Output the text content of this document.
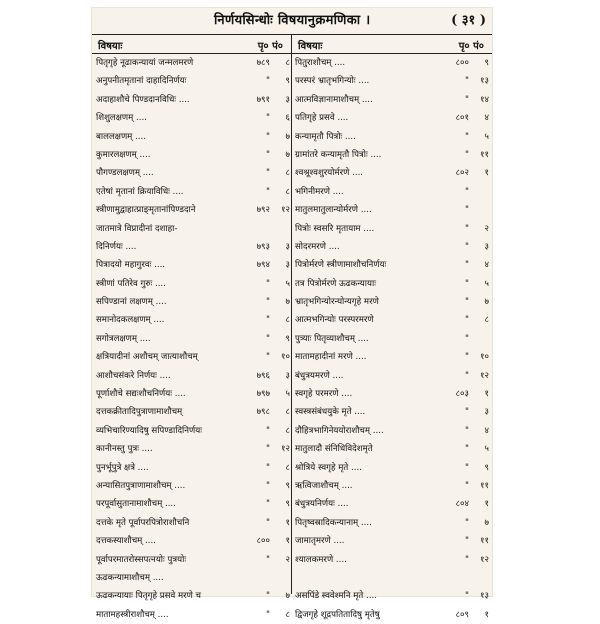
निर्णयसिन्धोः विषयानुक्रमणिका ।	( ३१ )
विषयाः	पृ० पं० विषयाः	पृ० पं०
पितृगृहे नूढाकन्यायां जन्मलमरणे	७८९ ८
अनुपनीतमृतानां दाहादिनिर्णयः	" ९
अदाहाशौचे पिण्डदानविधिः ....	७९१ ३
शिशुलक्षणम् ....	" ६
बाललक्षणम् ....	" ७
कुमारलक्षणम् ....	" ७
पौगण्डलक्षणम् ....	" ८
एतेषां मृतानां क्रियाविधिः ....	" ८
स्त्रीणामुद्वाहात्प्राङ्मृतानांपिण्डदाने	७९२ १२
जातमात्रे विप्रादीनां दशाहा-
दिनिर्णयः ....	७९३ ३
पित्रादयो महागुरवः ....	७९४ ३
स्त्रीणां पतिरेव गुरुः ....	" ५
सपिण्डानां लक्षणम् ....	" ७
समानोदकलक्षणम् ....	" ८
सगोत्रलक्षणम् ....	" ९
क्षत्रियादीनां अशौचम् जात्याशौचम्	" १०
आशौचसंकरे निर्णयः ....	७९६ ३
पूर्णाशौचे सद्यःशौचनिर्णयः ....	७९७ ५
दत्तकक्रीतादिपुत्राणामाशौचम्	७९८ ८
व्यभिचारिण्यादिषु सपिण्डादिनिर्णयः	" ८
कानीनस्तु पुत्रः ....	" १२
पुनर्भूपुत्रे क्षत्रे ....	" ८
अन्यासितपुत्राणामाशौचम् ....	" ९
परपूर्वासुतानामाशौचम् ....	" ९
दत्तके मृते पूर्वापरपित्रोराशौचनि	" १
दत्तकस्याशौचम् ....	८०० १
पूर्वापरमातरोस्सपत्नयोः पुत्रयोः	" २
ऊढकन्यामाशौचम् ....
ऊढकन्यायाः पितृगृहे प्रसवे मरणे च	" ७
मातामहस्त्रीराशौचम् ....	" ८
पितुराशौचम् ....	८०० ९
परस्परं भ्रातृभगिन्योः ....	" १३
आत्मविज्ञानामाशौचम् ....	" १४
पतिगृहे प्रसवे ....	८०१ ४
कन्यामृतौ पित्रोः ....	" ५
ग्रामांतरे कन्यामृतौ पित्रोः ....	" ११
श्वश्रूश्वशुरयोर्मरणे ....	८०२ १
भगिनीमरणे ....	"
मातुलमातुलान्योर्मरणे ....	"
पित्रोः स्वसरि मृतायाम ....	" २
सोदरमरणे ....	" ३
पित्रोर्मरणे स्त्रीणामाशौचनिर्णयः	" ४
तत्र पित्रोर्मरणे ऊढकन्यायाः	" ५
भ्रातृभगिन्योरन्योन्यगृहे मरणे	" ७
आत्मभगिन्योः परस्परमरणे	" ८
पुत्र्याः पितृव्याशौचम् ....	"
मातामहादीनां मरणे ....	" १०
बंधुत्रयमरणे ....	" १२
स्वगृहे परमरणे ....	८०३ १
स्वस्त्रसंबंधयुके मृते ....	" ३
दौहित्रभागिनेययोराशौचम् ....	" ४
मातुलादौ संनिधिविदेशमृते	" ५
श्रोत्रिये स्वगृहे मृते ....	" ९
ऋत्विजाशौचम् ....	" ११
बंधुत्रयनिर्णयः ....	८०४ १
पितृष्वस्रादिकन्यानाम् ....	" ७
जामातृमरणे ....	" ११
श्यालकमरणे ....	" १२
असपिंडे स्ववेश्मनि मृते ....	" १३
द्विजगृहे शूद्रपतितादिषु मृतेषु	८०९ १
